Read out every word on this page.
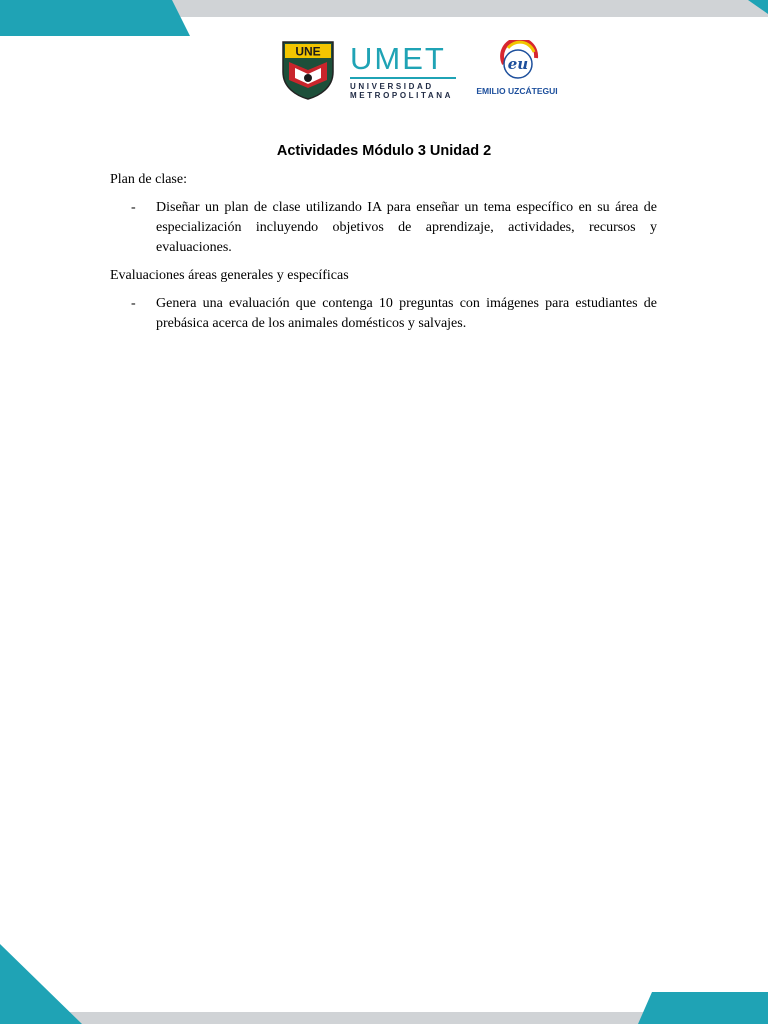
UNE UMET
UNIVERSIDAD
METROPOLITANA
eu
EMILIO UZCÁTEGUI
Actividades Módulo 3 Unidad 2

Plan de clase:

-	Diseñar un plan de clase utilizando IA para enseñar un tema específico en su área de especialización incluyendo objetivos de aprendizaje, actividades, recursos y evaluaciones.

Evaluaciones áreas generales y específicas

-	Genera una evaluación que contenga 10 preguntas con imágenes para estudiantes de prebásica acerca de los animales domésticos y salvajes.
